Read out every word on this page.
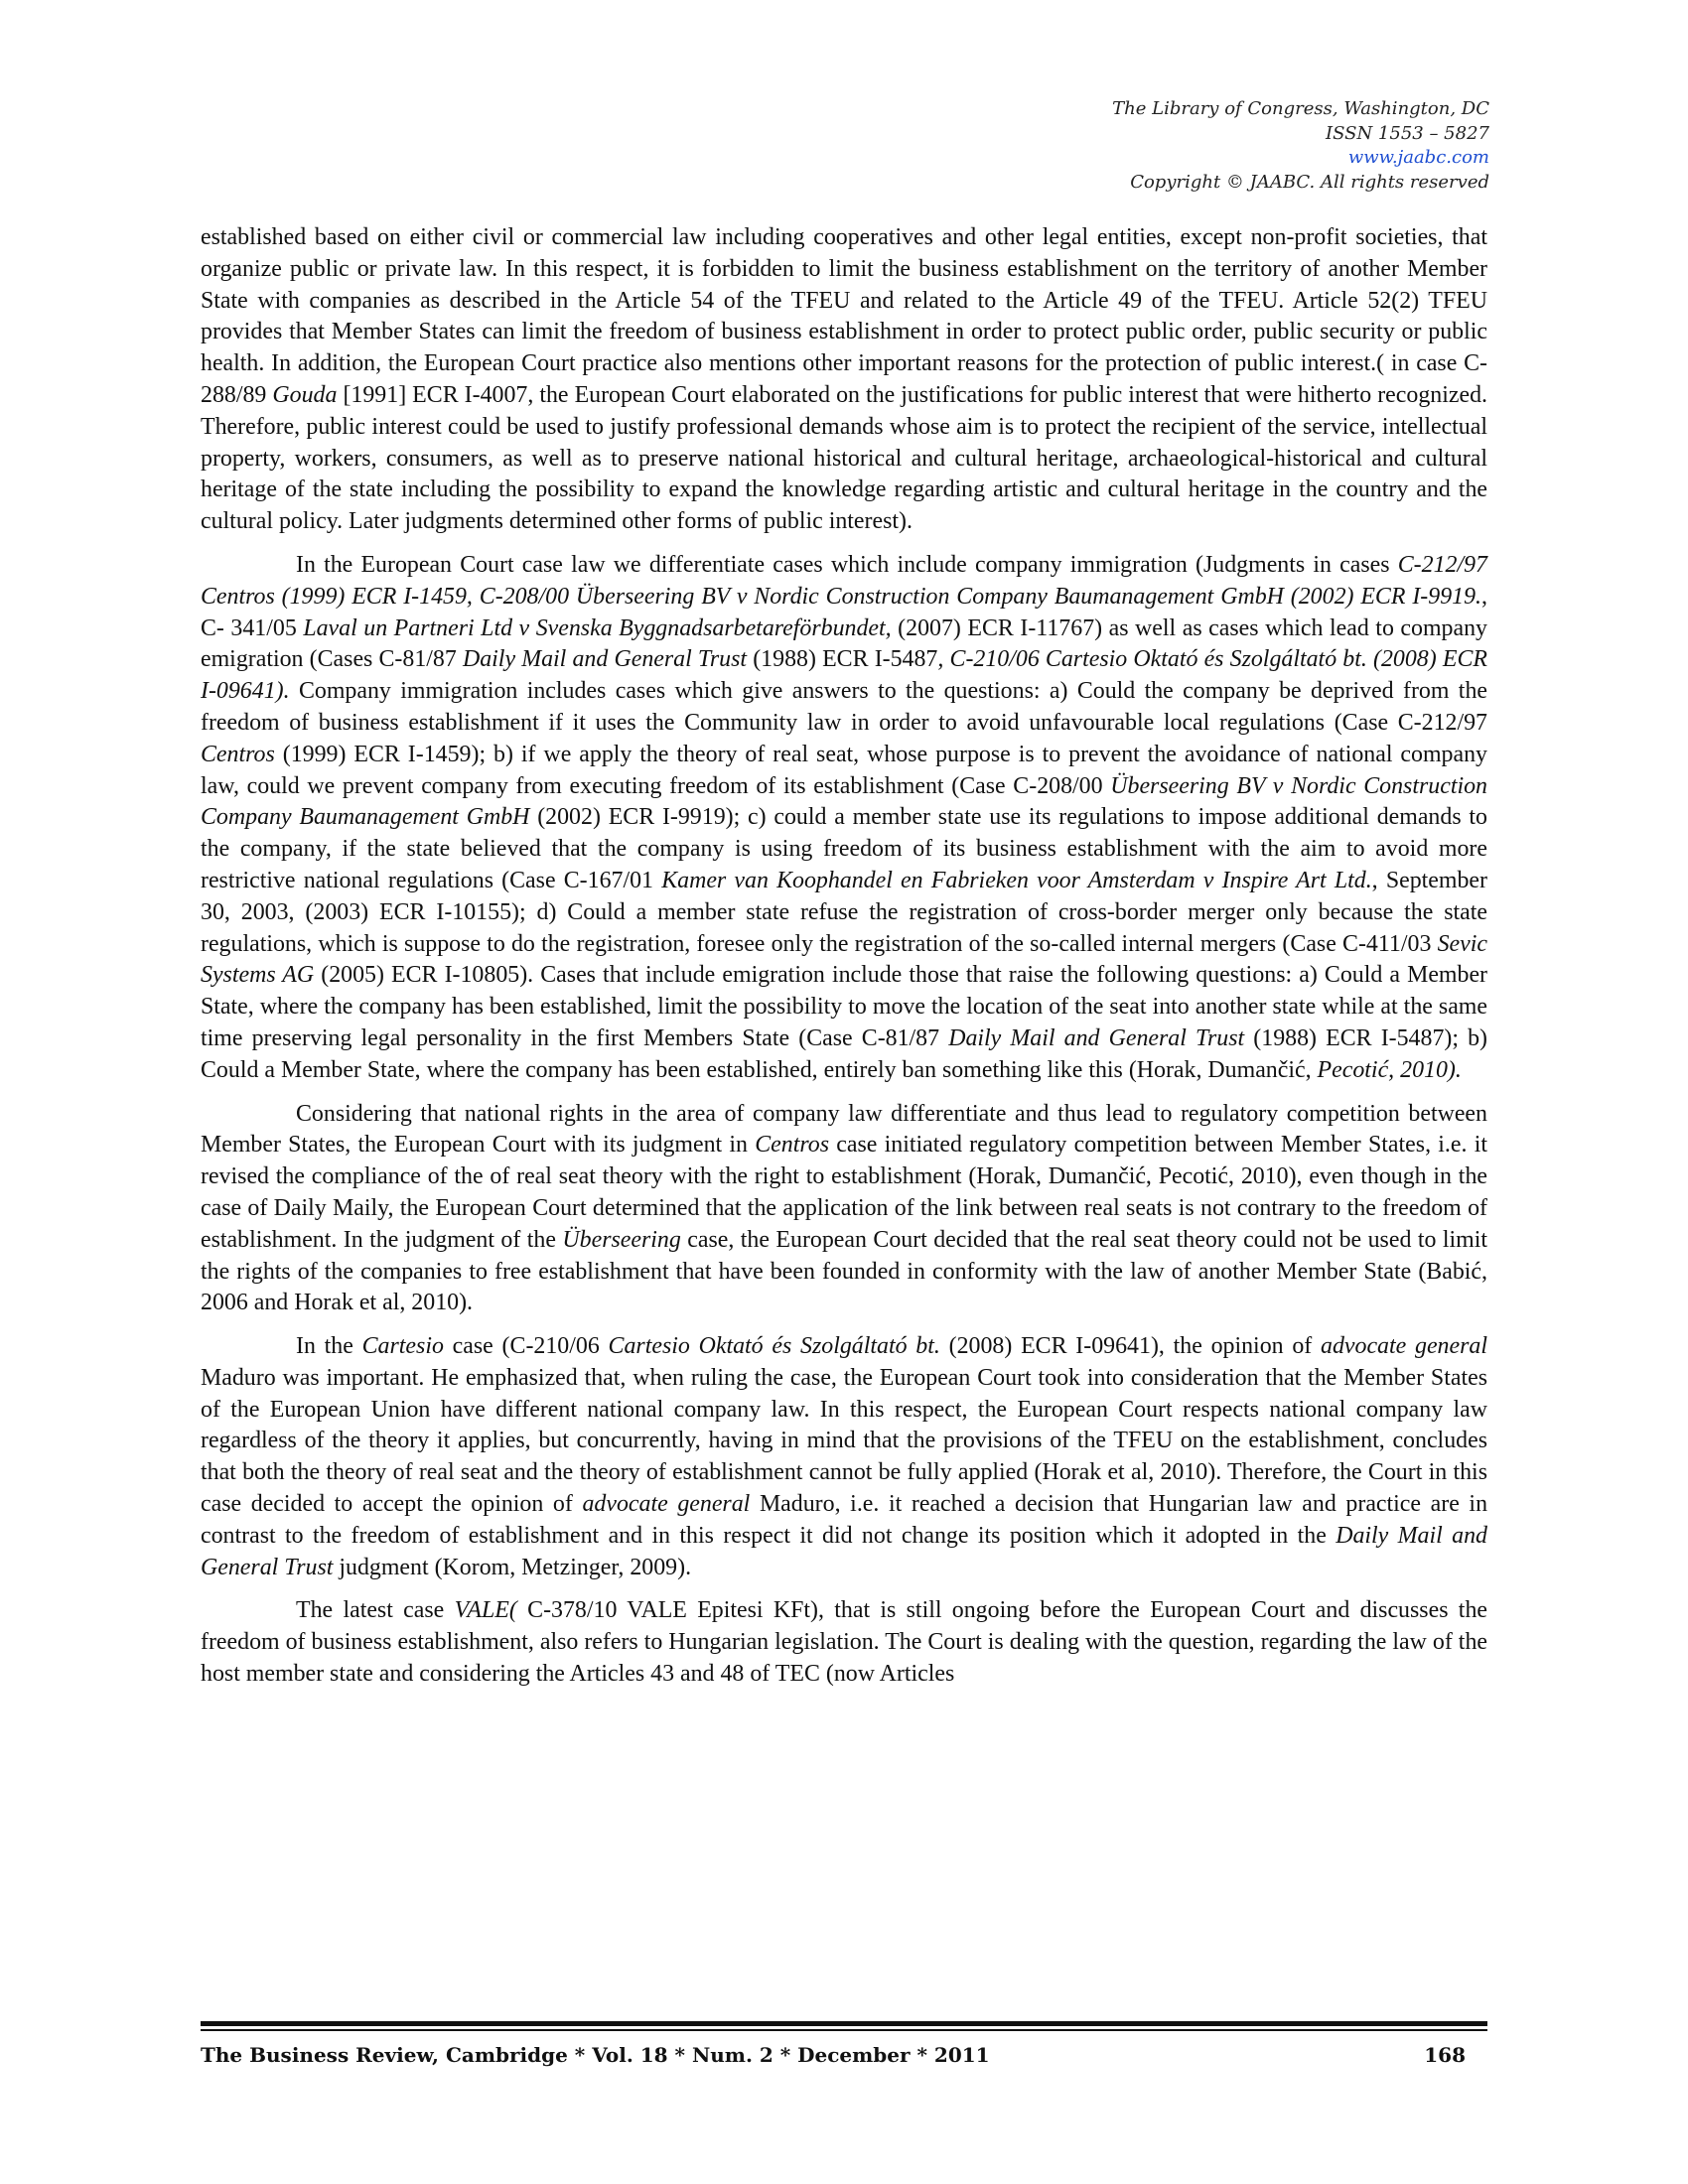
The Library of Congress, Washington, DC
ISSN 1553 – 5827
www.jaabc.com
Copyright © JAABC. All rights reserved

established based on either civil or commercial law including cooperatives and other legal entities, except non-profit societies, that organize public or private law. In this respect, it is forbidden to limit the business establishment on the territory of another Member State with companies as described in the Article 54 of the TFEU and related to the Article 49 of the TFEU. Article 52(2) TFEU provides that Member States can limit the freedom of business establishment in order to protect public order, public security or public health. In addition, the European Court practice also mentions other important reasons for the protection of public interest.( in case C-288/89 Gouda [1991] ECR I-4007, the European Court elaborated on the justifications for public interest that were hitherto recognized. Therefore, public interest could be used to justify professional demands whose aim is to protect the recipient of the service, intellectual property, workers, consumers, as well as to preserve national historical and cultural heritage, archaeological-historical and cultural heritage of the state including the possibility to expand the knowledge regarding artistic and cultural heritage in the country and the cultural policy. Later judgments determined other forms of public interest).

In the European Court case law we differentiate cases which include company immigration (Judgments in cases C-212/97 Centros (1999) ECR I-1459, C-208/00 Überseering BV v Nordic Construction Company Baumanagement GmbH (2002) ECR I-9919., C- 341/05 Laval un Partneri Ltd v Svenska Byggnadsarbetareförbundet, (2007) ECR I-11767) as well as cases which lead to company emigration (Cases C-81/87 Daily Mail and General Trust (1988) ECR I-5487, C-210/06 Cartesio Oktató és Szolgáltató bt. (2008) ECR I-09641). Company immigration includes cases which give answers to the questions: a) Could the company be deprived from the freedom of business establishment if it uses the Community law in order to avoid unfavourable local regulations (Case C-212/97 Centros (1999) ECR I-1459); b) if we apply the theory of real seat, whose purpose is to prevent the avoidance of national company law, could we prevent company from executing freedom of its establishment (Case C-208/00 Überseering BV v Nordic Construction Company Baumanagement GmbH (2002) ECR I-9919); c) could a member state use its regulations to impose additional demands to the company, if the state believed that the company is using freedom of its business establishment with the aim to avoid more restrictive national regulations (Case C-167/01 Kamer van Koophandel en Fabrieken voor Amsterdam v Inspire Art Ltd., September 30, 2003, (2003) ECR I-10155); d) Could a member state refuse the registration of cross-border merger only because the state regulations, which is suppose to do the registration, foresee only the registration of the so-called internal mergers (Case C-411/03 Sevic Systems AG (2005) ECR I-10805). Cases that include emigration include those that raise the following questions: a) Could a Member State, where the company has been established, limit the possibility to move the location of the seat into another state while at the same time preserving legal personality in the first Members State (Case C-81/87 Daily Mail and General Trust (1988) ECR I-5487); b) Could a Member State, where the company has been established, entirely ban something like this (Horak, Dumančić, Pecotić, 2010).

Considering that national rights in the area of company law differentiate and thus lead to regulatory competition between Member States, the European Court with its judgment in Centros case initiated regulatory competition between Member States, i.e. it revised the compliance of the of real seat theory with the right to establishment (Horak, Dumančić, Pecotić, 2010), even though in the case of Daily Maily, the European Court determined that the application of the link between real seats is not contrary to the freedom of establishment. In the judgment of the Überseering case, the European Court decided that the real seat theory could not be used to limit the rights of the companies to free establishment that have been founded in conformity with the law of another Member State (Babić, 2006 and Horak et al, 2010).

In the Cartesio case (C-210/06 Cartesio Oktató és Szolgáltató bt. (2008) ECR I-09641), the opinion of advocate general Maduro was important. He emphasized that, when ruling the case, the European Court took into consideration that the Member States of the European Union have different national company law. In this respect, the European Court respects national company law regardless of the theory it applies, but concurrently, having in mind that the provisions of the TFEU on the establishment, concludes that both the theory of real seat and the theory of establishment cannot be fully applied (Horak et al, 2010). Therefore, the Court in this case decided to accept the opinion of advocate general Maduro, i.e. it reached a decision that Hungarian law and practice are in contrast to the freedom of establishment and in this respect it did not change its position which it adopted in the Daily Mail and General Trust judgment (Korom, Metzinger, 2009).

The latest case VALE( C-378/10 VALE Epitesi KFt), that is still ongoing before the European Court and discusses the freedom of business establishment, also refers to Hungarian legislation. The Court is dealing with the question, regarding the law of the host member state and considering the Articles 43 and 48 of TEC (now Articles

The Business Review, Cambridge * Vol. 18 * Num. 2 * December * 2011	168
